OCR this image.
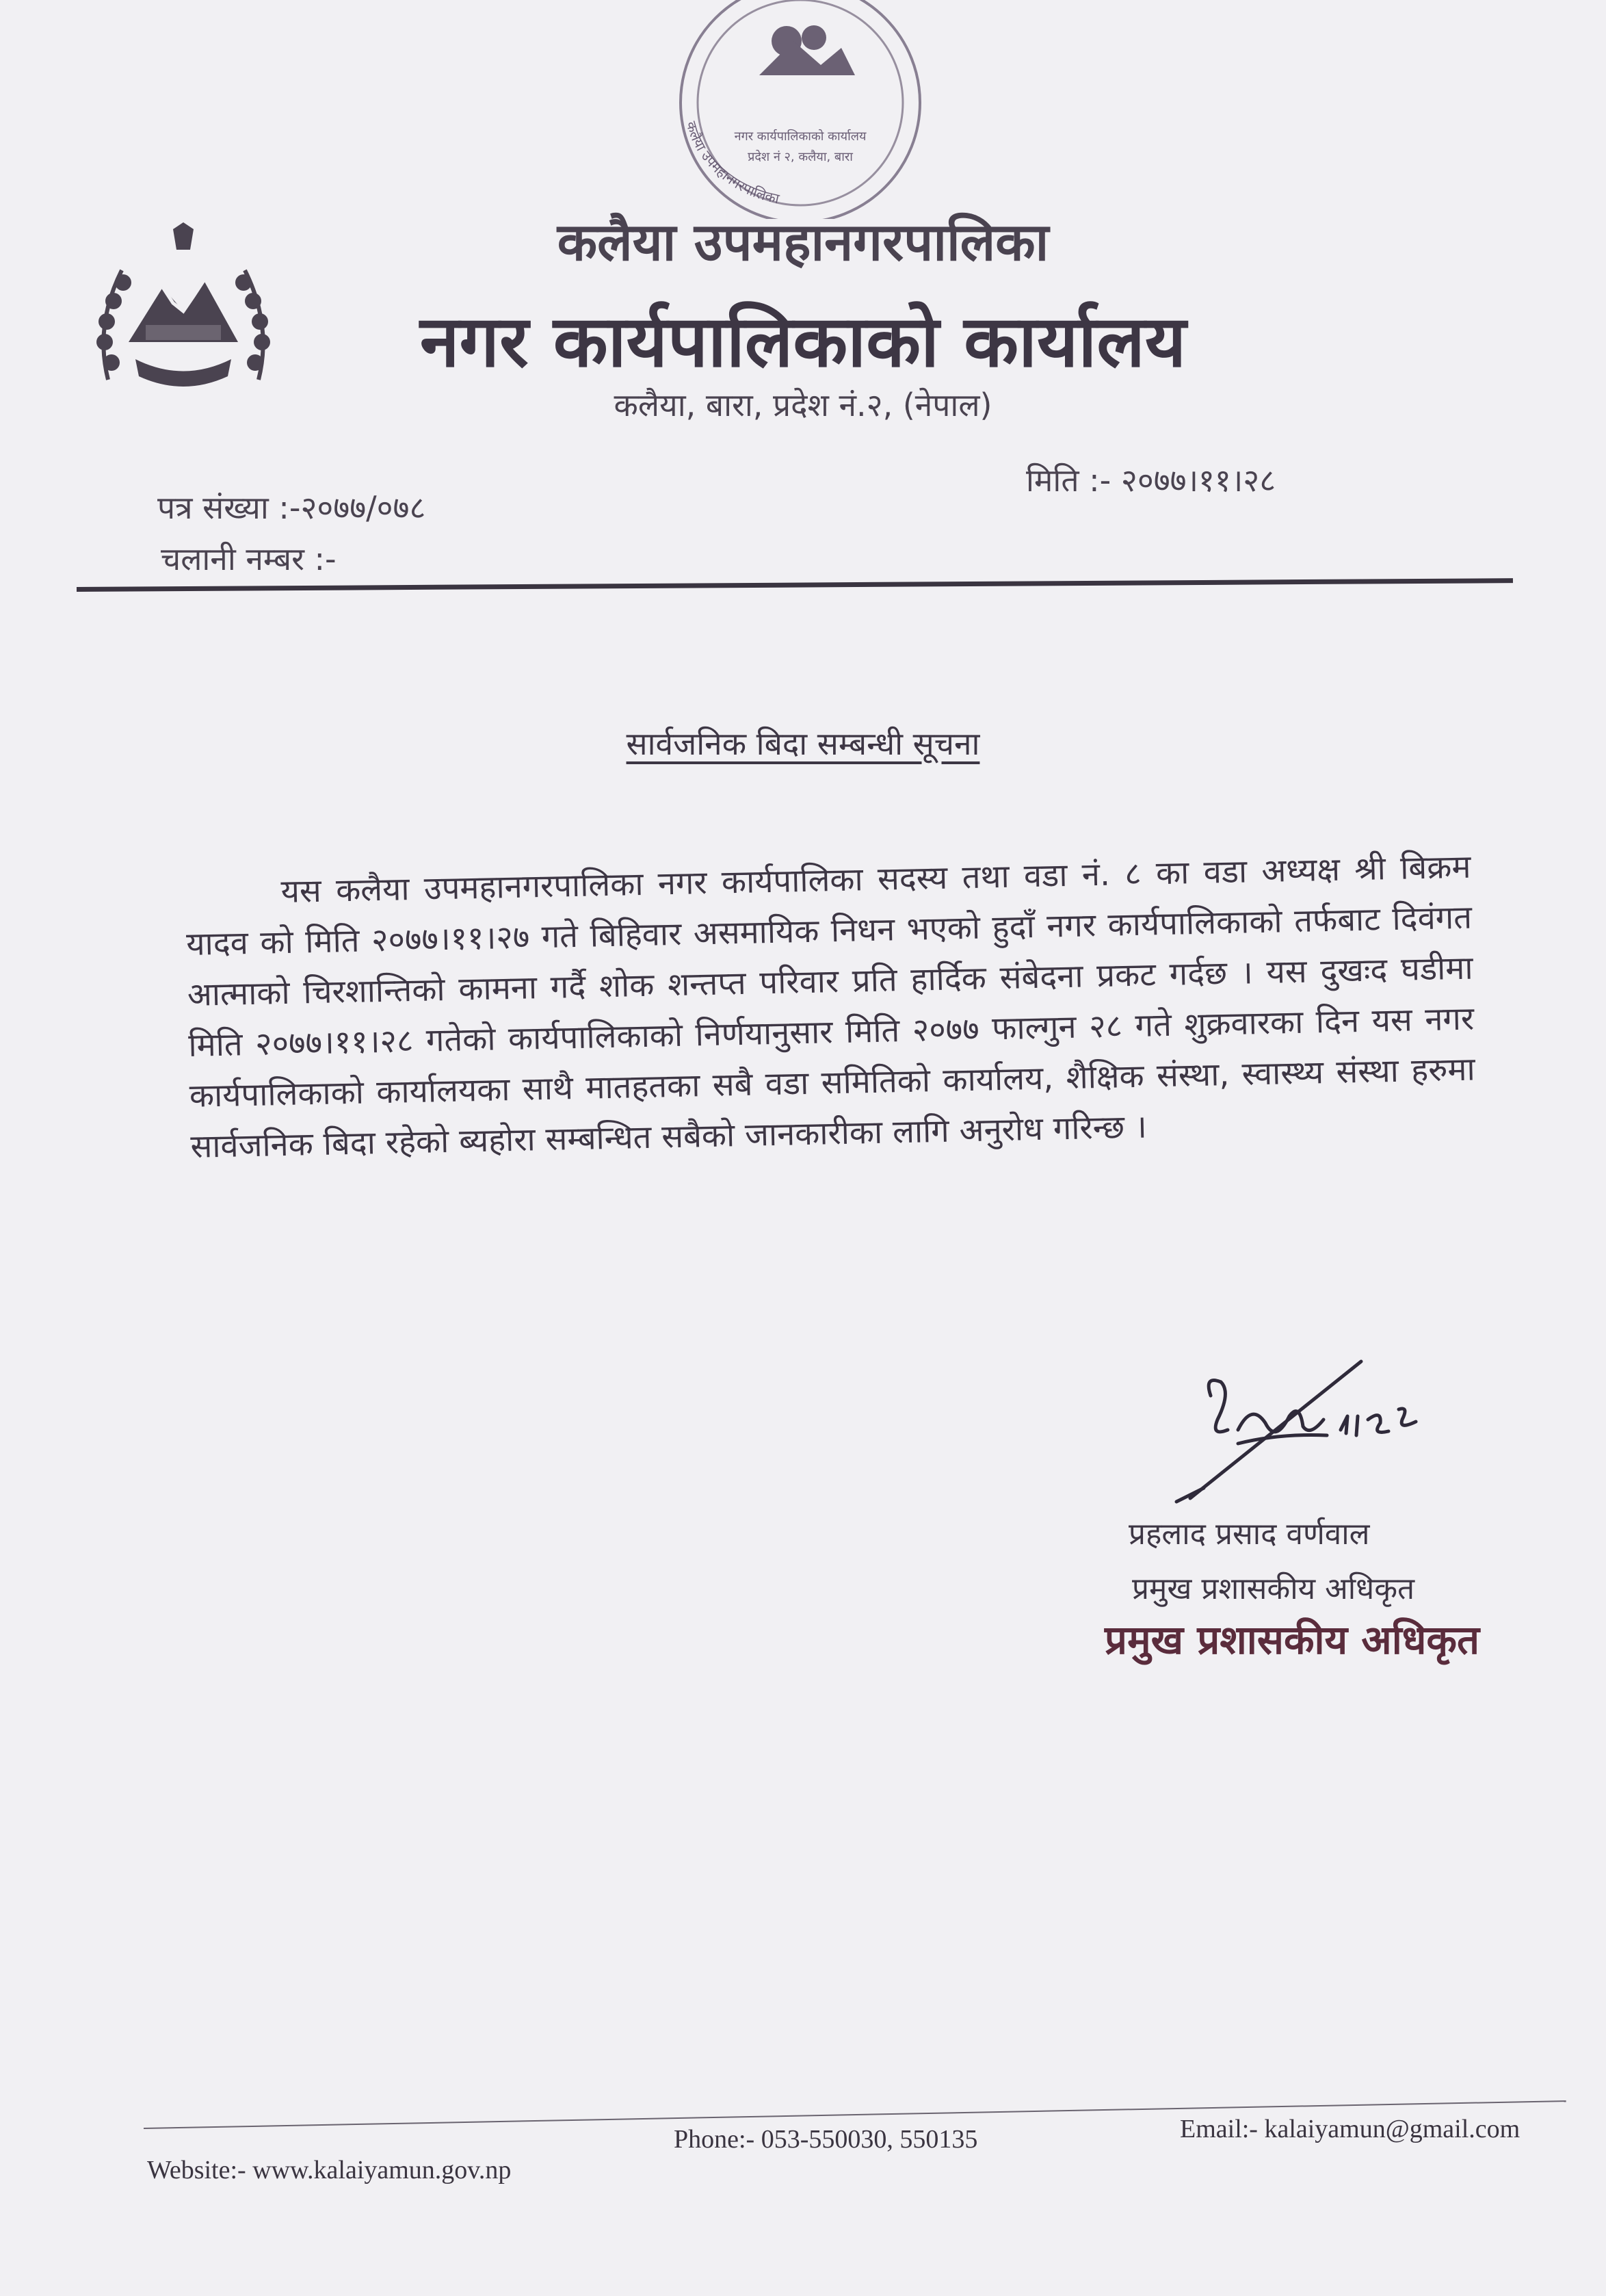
कलैया उपमहानगरपालिका
नगर कार्यपालिकाको कार्यालय
प्रदेश नं २, कलैया, बारा
कलैया उपमहानगरपालिका
नगर कार्यपालिकाको कार्यालय
कलैया, बारा, प्रदेश नं.२, (नेपाल)
पत्र संख्या :-२०७७/०७८
चलानी नम्बर :-
मिति :- २०७७।११।२८
सार्वजनिक बिदा सम्बन्धी सूचना

यस कलैया उपमहानगरपालिका नगर कार्यपालिका सदस्य तथा वडा नं. ८ का वडा अध्यक्ष श्री बिक्रम यादव को मिति २०७७।११।२७ गते बिहिवार असमायिक निधन भएको हुदाँ नगर कार्यपालिकाको तर्फबाट दिवंगत आत्माको चिरशान्तिको कामना गर्दै शोक शन्तप्त परिवार प्रति हार्दिक संबेदना प्रकट गर्दछ । यस दुखःद घडीमा मिति २०७७।११।२८ गतेको कार्यपालिकाको निर्णयानुसार मिति २०७७ फाल्गुन २८ गते शुक्रवारका दिन यस नगर कार्यपालिकाको कार्यालयका साथै मातहतका सबै वडा समितिको कार्यालय, शैक्षिक संस्था, स्वास्थ्य संस्था हरुमा सार्वजनिक बिदा रहेको ब्यहोरा सम्बन्धित सबैको जानकारीका लागि अनुरोध गरिन्छ ।

प्रहलाद प्रसाद वर्णवाल
प्रमुख प्रशासकीय अधिकृत
प्रमुख प्रशासकीय अधिकृत
Website:- www.kalaiyamun.gov.np
Phone:- 053-550030, 550135	Email:- kalaiyamun@gmail.com
